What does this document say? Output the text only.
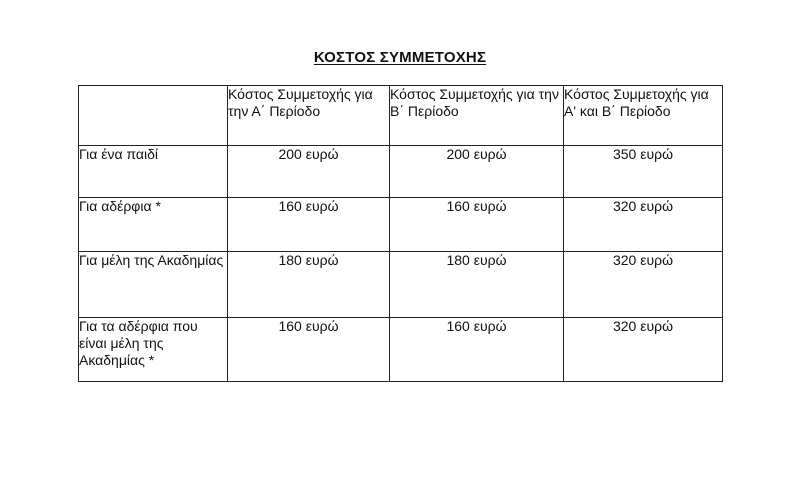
ΚΟΣΤΟΣ ΣΥΜΜΕΤΟΧΗΣ
	Κόστος Συμμετοχής για την Α΄ Περίοδο	Κόστος Συμμετοχής για την Β΄ Περίοδο	Κόστος Συμμετοχής για Α' και Β΄ Περίοδο
Για ένα παιδί	200 ευρώ	200 ευρώ	350 ευρώ
Για αδέρφια *	160 ευρώ	160 ευρώ	320 ευρώ
Για μέλη της Ακαδημίας	180 ευρώ	180 ευρώ	320 ευρώ
Για τα αδέρφια που είναι μέλη της Ακαδημίας *	160 ευρώ	160 ευρώ	320 ευρώ
